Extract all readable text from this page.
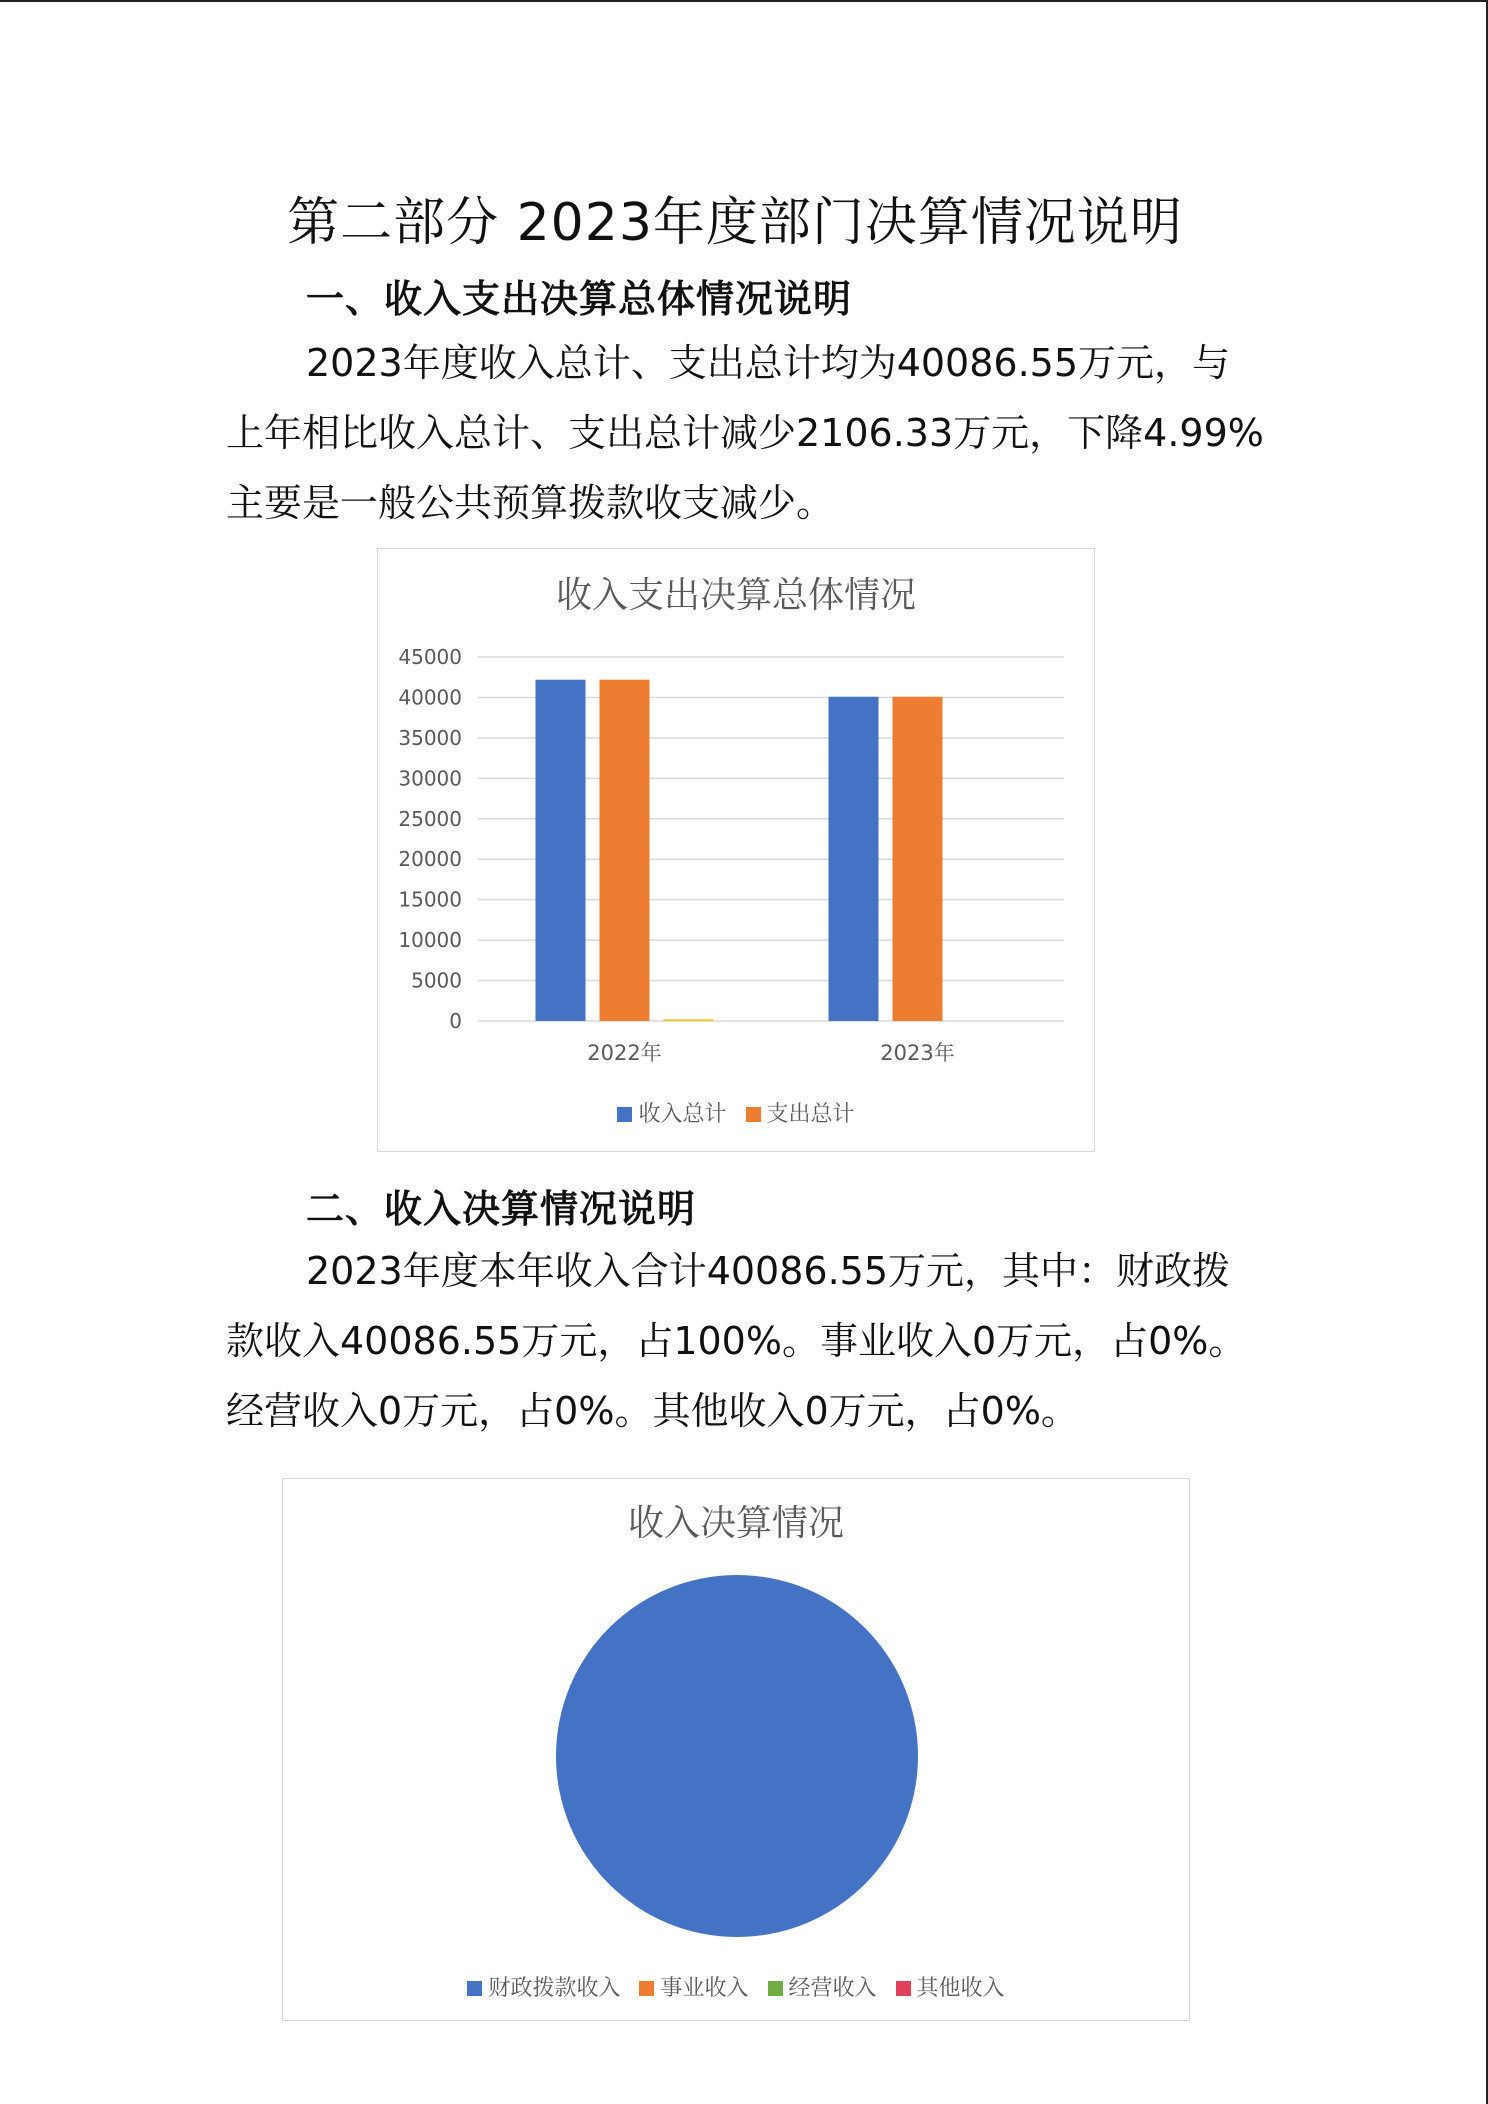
第二部分 2023年度部门决算情况说明
一、收入支出决算总体情况说明
2023年度收入总计、支出总计均为40086.55万元，与
上年相比收入总计、支出总计减少2106.33万元，下降4.99%
主要是一般公共预算拨款收支减少。
收入支出决算总体情况
45000
40000
35000
30000
25000
20000
15000
10000
5000
0
2022年	2023年
收入总计 支出总计
二、收入决算情况说明
2023年度本年收入合计40086.55万元，其中：财政拨
款收入40086.55万元，占100%。事业收入0万元，占0%。
经营收入0万元，占0%。其他收入0万元，占0%。
收入决算情况
财政拨款收入 事业收入 经营收入 其他收入
